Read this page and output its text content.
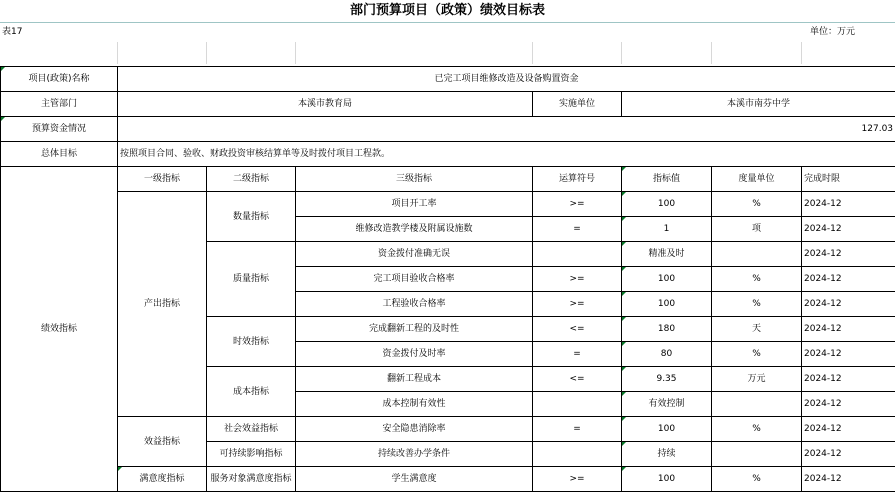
部门预算项目（政策）绩效目标表
表17	单位：万元
项目(政策)名称	已完工项目维修改造及设备购置资金						
主管部门	本溪市教育局			实施单位	本溪市南芬中学		
预算资金情况	127.03						
总体目标	按照项目合同、验收、财政投资审核结算单等及时拨付项目工程款。						
绩效指标	一级指标	二级指标	三级指标	运算符号	指标值	度量单位	完成时限
	产出指标	数量指标	项目开工率	>=	100	%	2024-12
			维修改造教学楼及附属设施数	=	1	项	2024-12
		质量指标	资金拨付准确无误		精准及时		2024-12
			完工项目验收合格率	>=	100	%	2024-12
			工程验收合格率	>=	100	%	2024-12
		时效指标	完成翻新工程的及时性	<=	180	天	2024-12
			资金拨付及时率	=	80	%	2024-12
		成本指标	翻新工程成本	<=	9.35	万元	2024-12
			成本控制有效性		有效控制		2024-12
	效益指标	社会效益指标	安全隐患消除率	=	100	%	2024-12
		可持续影响指标	持续改善办学条件		持续		2024-12
	满意度指标	服务对象满意度指标	学生满意度	>=	100	%	2024-12
